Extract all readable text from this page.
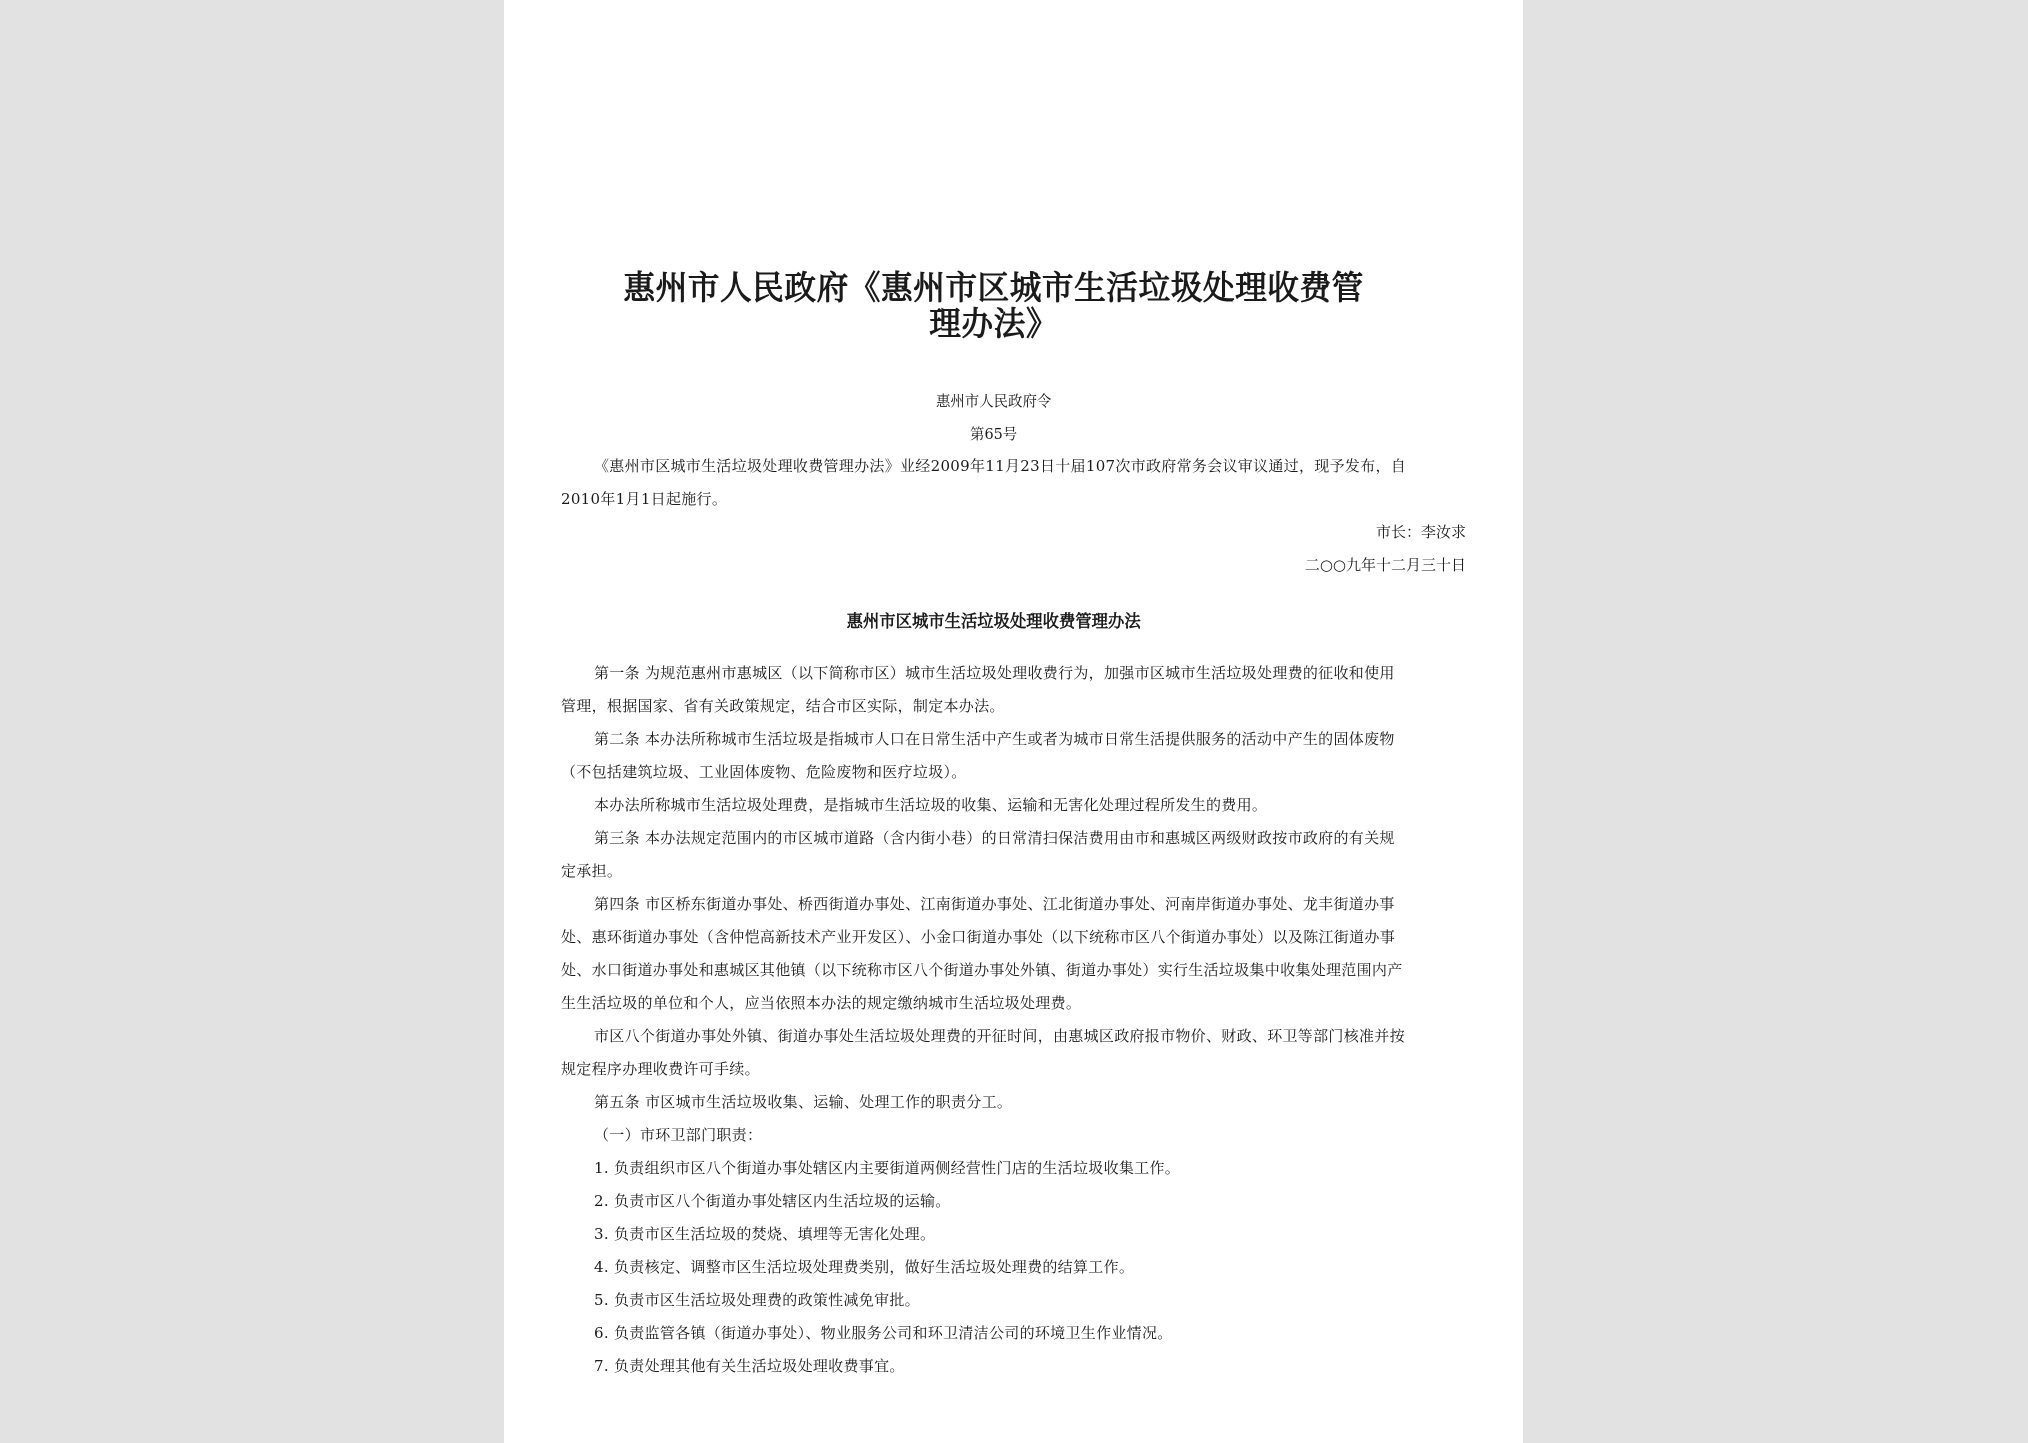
惠州市人民政府《惠州市区城市生活垃圾处理收费管
理办法》
惠州市人民政府令
第65号
《惠州市区城市生活垃圾处理收费管理办法》业经2009年11月23日十届107次市政府常务会议审议通过，现予发布，自
2010年1月1日起施行。
市长：李汝求
二○○九年十二月三十日
惠州市区城市生活垃圾处理收费管理办法
第一条 为规范惠州市惠城区（以下简称市区）城市生活垃圾处理收费行为，加强市区城市生活垃圾处理费的征收和使用
管理，根据国家、省有关政策规定，结合市区实际，制定本办法。
第二条 本办法所称城市生活垃圾是指城市人口在日常生活中产生或者为城市日常生活提供服务的活动中产生的固体废物
（不包括建筑垃圾、工业固体废物、危险废物和医疗垃圾）。
本办法所称城市生活垃圾处理费，是指城市生活垃圾的收集、运输和无害化处理过程所发生的费用。
第三条 本办法规定范围内的市区城市道路（含内街小巷）的日常清扫保洁费用由市和惠城区两级财政按市政府的有关规
定承担。
第四条 市区桥东街道办事处、桥西街道办事处、江南街道办事处、江北街道办事处、河南岸街道办事处、龙丰街道办事
处、惠环街道办事处（含仲恺高新技术产业开发区）、小金口街道办事处（以下统称市区八个街道办事处）以及陈江街道办事
处、水口街道办事处和惠城区其他镇（以下统称市区八个街道办事处外镇、街道办事处）实行生活垃圾集中收集处理范围内产
生生活垃圾的单位和个人，应当依照本办法的规定缴纳城市生活垃圾处理费。
市区八个街道办事处外镇、街道办事处生活垃圾处理费的开征时间，由惠城区政府报市物价、财政、环卫等部门核准并按
规定程序办理收费许可手续。
第五条 市区城市生活垃圾收集、运输、处理工作的职责分工。
（一）市环卫部门职责：
1. 负责组织市区八个街道办事处辖区内主要街道两侧经营性门店的生活垃圾收集工作。
2. 负责市区八个街道办事处辖区内生活垃圾的运输。
3. 负责市区生活垃圾的焚烧、填埋等无害化处理。
4. 负责核定、调整市区生活垃圾处理费类别，做好生活垃圾处理费的结算工作。
5. 负责市区生活垃圾处理费的政策性减免审批。
6. 负责监管各镇（街道办事处）、物业服务公司和环卫清洁公司的环境卫生作业情况。
7. 负责处理其他有关生活垃圾处理收费事宜。
